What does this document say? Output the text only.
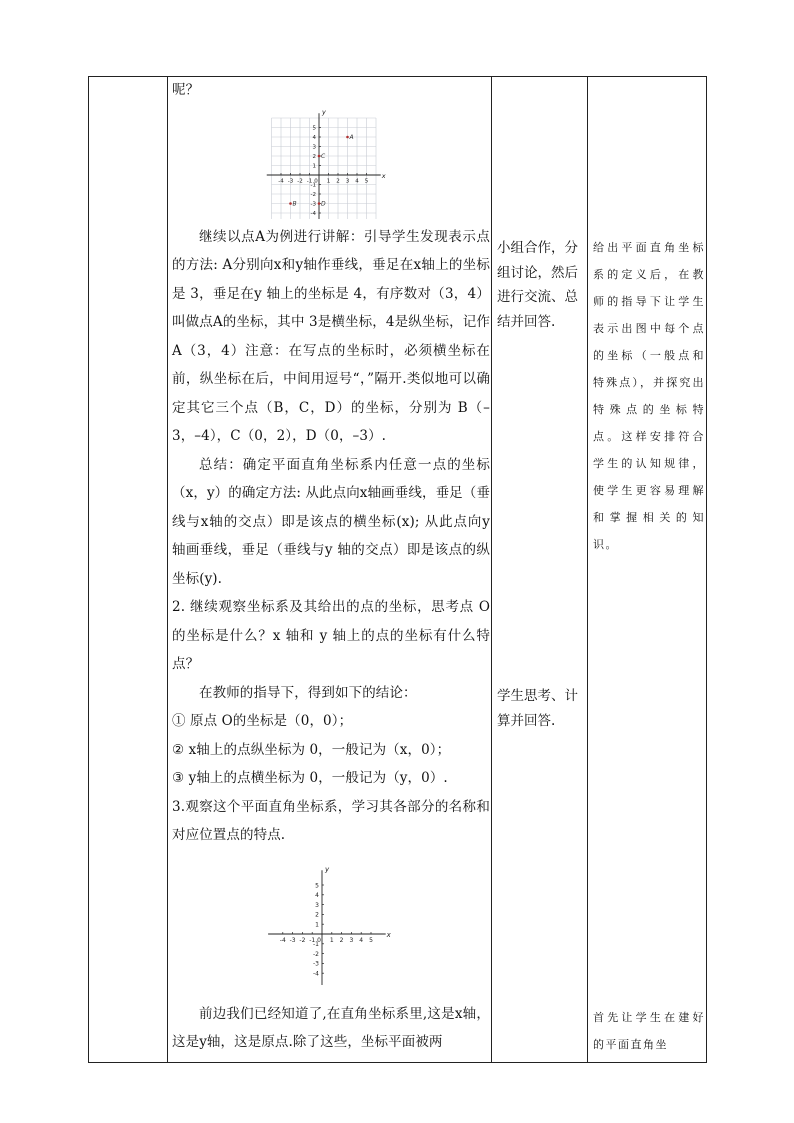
呢？

-4 -3 -2 -1 0 1 2 3 4 5
5
4
3
2
1
-1
-2
-3
-4
x
y
A
B
C
D

继续以点A为例进行讲解：引导学生发现表示点的方法: A分别向x和y轴作垂线，垂足在x轴上的坐标是 3，垂足在y 轴上的坐标是 4，有序数对（3，4）叫做点A的坐标，其中 3是横坐标，4是纵坐标，记作A（3，4）注意：在写点的坐标时，必须横坐标在前，纵坐标在后，中间用逗号“，”隔开.类似地可以确定其它三个点（B，C，D）的坐标，分别为 B（–3，–4），C（0，2），D（0，–3）.

总结：确定平面直角坐标系内任意一点的坐标（x，y）的确定方法: 从此点向x轴画垂线，垂足（垂线与x轴的交点）即是该点的横坐标(x); 从此点向y 轴画垂线，垂足（垂线与y 轴的交点）即是该点的纵坐标(y).

2. 继续观察坐标系及其给出的点的坐标，思考点 O 的坐标是什么？x 轴和 y 轴上的点的坐标有什么特点？

在教师的指导下，得到如下的结论：

① 原点 O的坐标是（0，0）；

② x轴上的点纵坐标为 0，一般记为（x，0）；

③ y轴上的点横坐标为 0，一般记为（y，0）.

3.观察这个平面直角坐标系，学习其各部分的名称和对应位置点的特点.

-4 -3 -2 -1 0 1 2 3 4 5
5
4
3
2
1
-1
-2
-3
-4
x
y

前边我们已经知道了,在直角坐标系里,这是x轴，这是y轴，这是原点.除了这些，坐标平面被两

小组合作，分组讨论，然后进行交流、总结并回答.
学生思考、计算并回答.
给出平面直角坐标系的定义后，在教师的指导下让学生表示出图中每个点的坐标（一般点和特殊点），并探究出特殊点的坐标特点。这样安排符合学生的认知规律，使学生更容易理解和掌握相关的知识。
首先让学生在建好的平面直角坐
